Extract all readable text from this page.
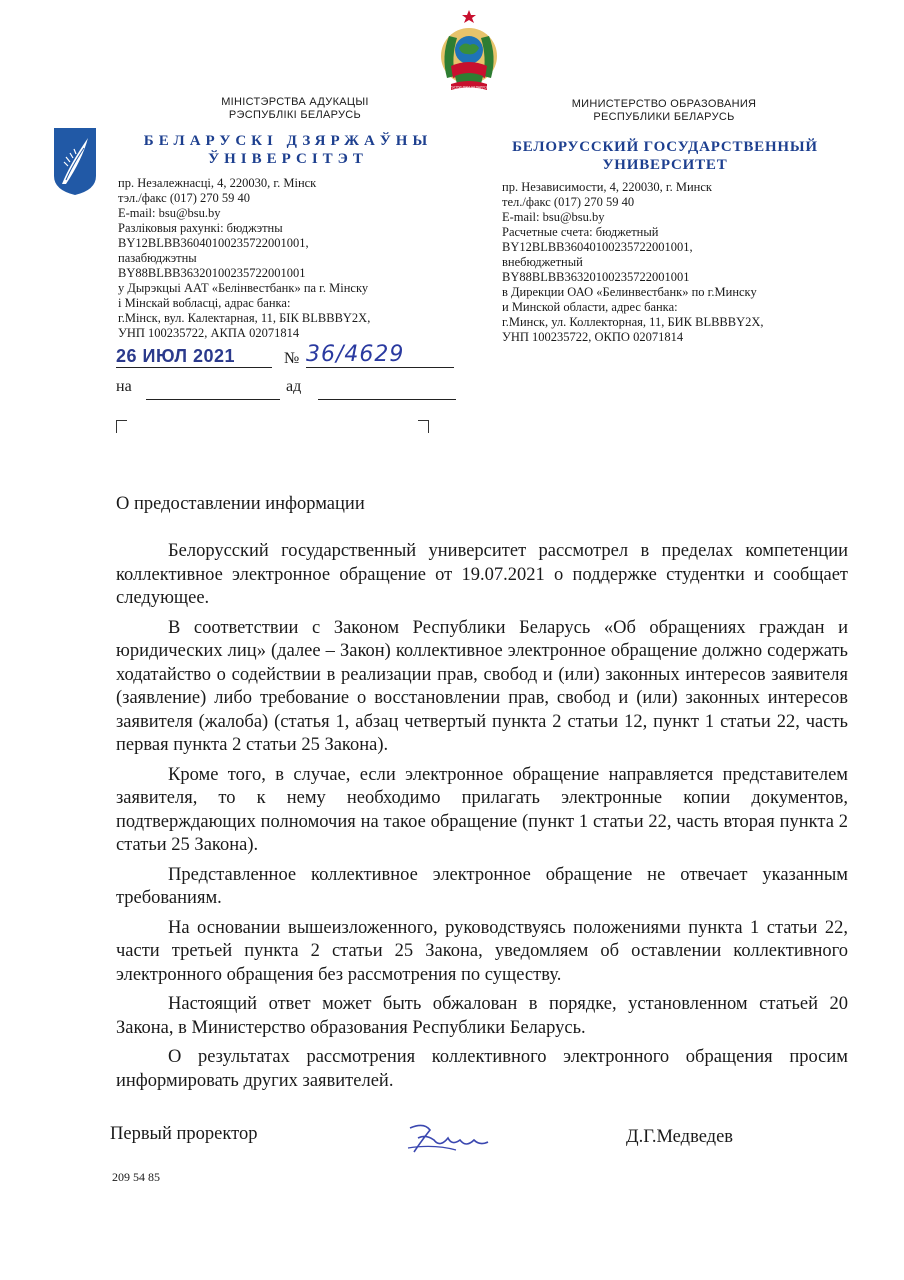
РЭСПУБЛІКА БЕЛАРУСЬ
МІНІСТЭРСТВА АДУКАЦЫІ
РЭСПУБЛІКІ БЕЛАРУСЬ
БЕЛАРУСКІ ДЗЯРЖАЎНЫ
ЎНІВЕРСІТЭТ
пр. Незалежнасці, 4, 220030, г. Мінск
тэл./факс (017) 270 59 40
E-mail: bsu@bsu.by
Разліковыя рахункі: бюджэтны
BY12BLBB36040100235722001001,
пазабюджэтны
BY88BLBB36320100235722001001
у Дырэкцыі ААТ «Белінвестбанк» па г. Мінску
і Мінскай вобласці, адрас банка:
г.Мінск, вул. Калектарная, 11, БІК BLBBBY2X,
УНП 100235722, АКПА 02071814
МИНИСТЕРСТВО ОБРАЗОВАНИЯ
РЕСПУБЛИКИ БЕЛАРУСЬ
БЕЛОРУССКИЙ ГОСУДАРСТВЕННЫЙ
УНИВЕРСИТЕТ
пр. Независимости, 4, 220030, г. Минск
тел./факс (017) 270 59 40
E-mail: bsu@bsu.by
Расчетные счета: бюджетный
BY12BLBB36040100235722001001,
внебюджетный
BY88BLBB36320100235722001001
в Дирекции ОАО «Белинвестбанк» по г.Минску
и Минской области, адрес банка:
г.Минск, ул. Коллекторная, 11, БИК BLBBBY2X,
УНП 100235722, ОКПО 02071814
26 ИЮЛ 2021	№ 36/4629
на	ад
О предоставлении информации

Белорусский государственный университет рассмотрел в пределах компетенции коллективное электронное обращение от 19.07.2021 о поддержке студентки и сообщает следующее.

В соответствии с Законом Республики Беларусь «Об обращениях граждан и юридических лиц» (далее – Закон) коллективное электронное обращение должно содержать ходатайство о содействии в реализации прав, свобод и (или) законных интересов заявителя (заявление) либо требование о восстановлении прав, свобод и (или) законных интересов заявителя (жалоба) (статья 1, абзац четвертый пункта 2 статьи 12, пункт 1 статьи 22, часть первая пункта 2 статьи 25 Закона).

Кроме того, в случае, если электронное обращение направляется представителем заявителя, то к нему необходимо прилагать электронные копии документов, подтверждающих полномочия на такое обращение (пункт 1 статьи 22, часть вторая пункта 2 статьи 25 Закона).

Представленное коллективное электронное обращение не отвечает указанным требованиям.

На основании вышеизложенного, руководствуясь положениями пункта 1 статьи 22, части третьей пункта 2 статьи 25 Закона, уведомляем об оставлении коллективного электронного обращения без рассмотрения по существу.

Настоящий ответ может быть обжалован в порядке, установленном статьей 20 Закона, в Министерство образования Республики Беларусь.

О результатах рассмотрения коллективного электронного обращения просим информировать других заявителей.

Первый проректор	Д.Г.Медведев
209 54 85
